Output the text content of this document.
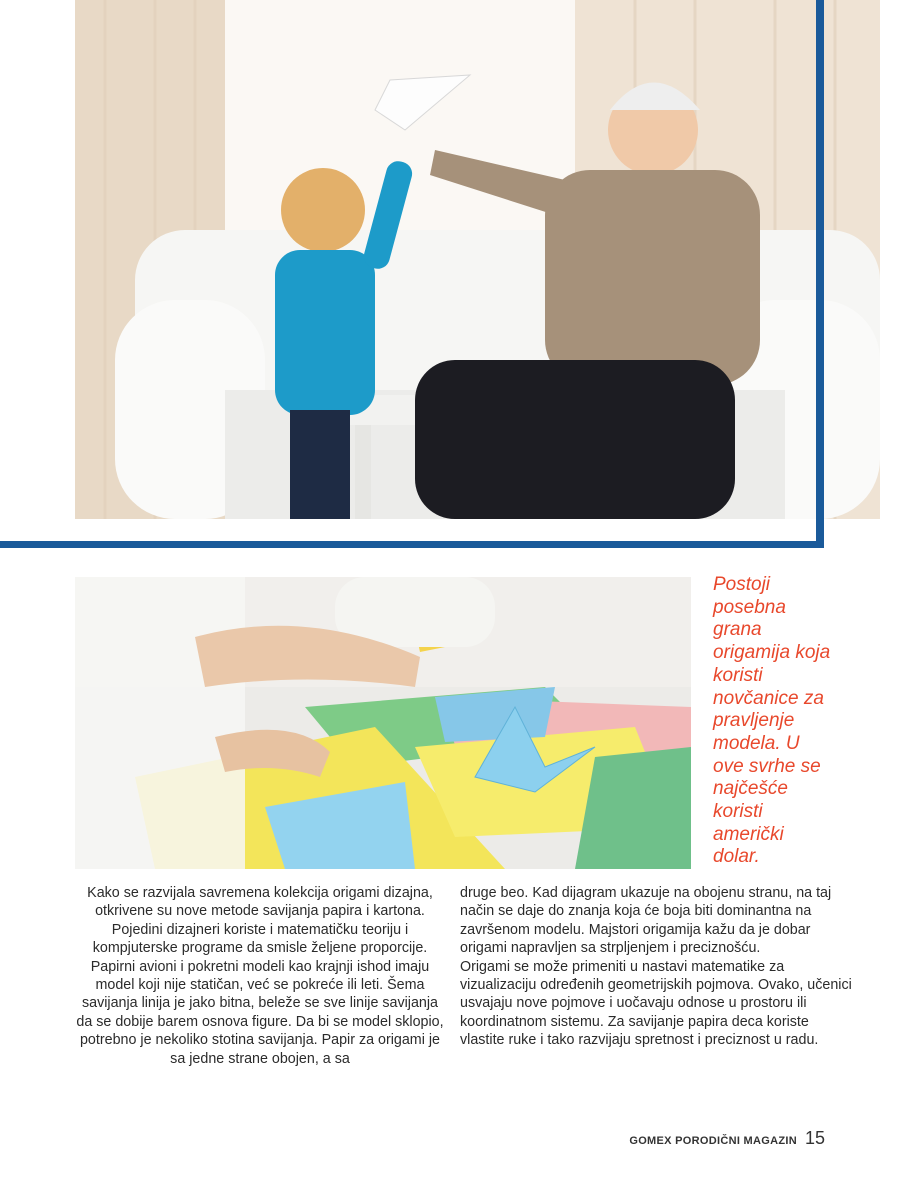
Postoji posebna grana origamija koja koristi novčanice za pravljenje modela. U ove svrhe se najčešće koristi američki dolar.

Kako se razvijala savremena kolekcija origami dizajna, otkrivene su nove metode savijanja papira i kartona. Pojedini dizajneri koriste i matematičku teoriju i kompjuterske programe da smisle željene proporcije. Papirni avioni i pokretni modeli kao krajnji ishod imaju model koji nije statičan, već se pokreće ili leti. Šema savijanja linija je jako bitna, beleže se sve linije savijanja da se dobije barem osnova figure. Da bi se model sklopio, potrebno je nekoliko stotina savijanja. Papir za origami je sa jedne strane obojen, a sa

druge beo. Kad dijagram ukazuje na obojenu stranu, na taj način se daje do znanja koja će boja biti dominantna na završenom modelu. Majstori origamija kažu da je dobar origami napravljen sa strpljenjem i preciznošću.

Origami se može primeniti u nastavi matematike za vizualizaciju određenih geometrijskih pojmova. Ovako, učenici usvajaju nove pojmove i uočavaju odnose u prostoru ili koordinatnom sistemu. Za savijanje papira deca koriste vlastite ruke i tako razvijaju spretnost i preciznost u radu.

GOMEX PORODIČNI MAGAZIN 15
